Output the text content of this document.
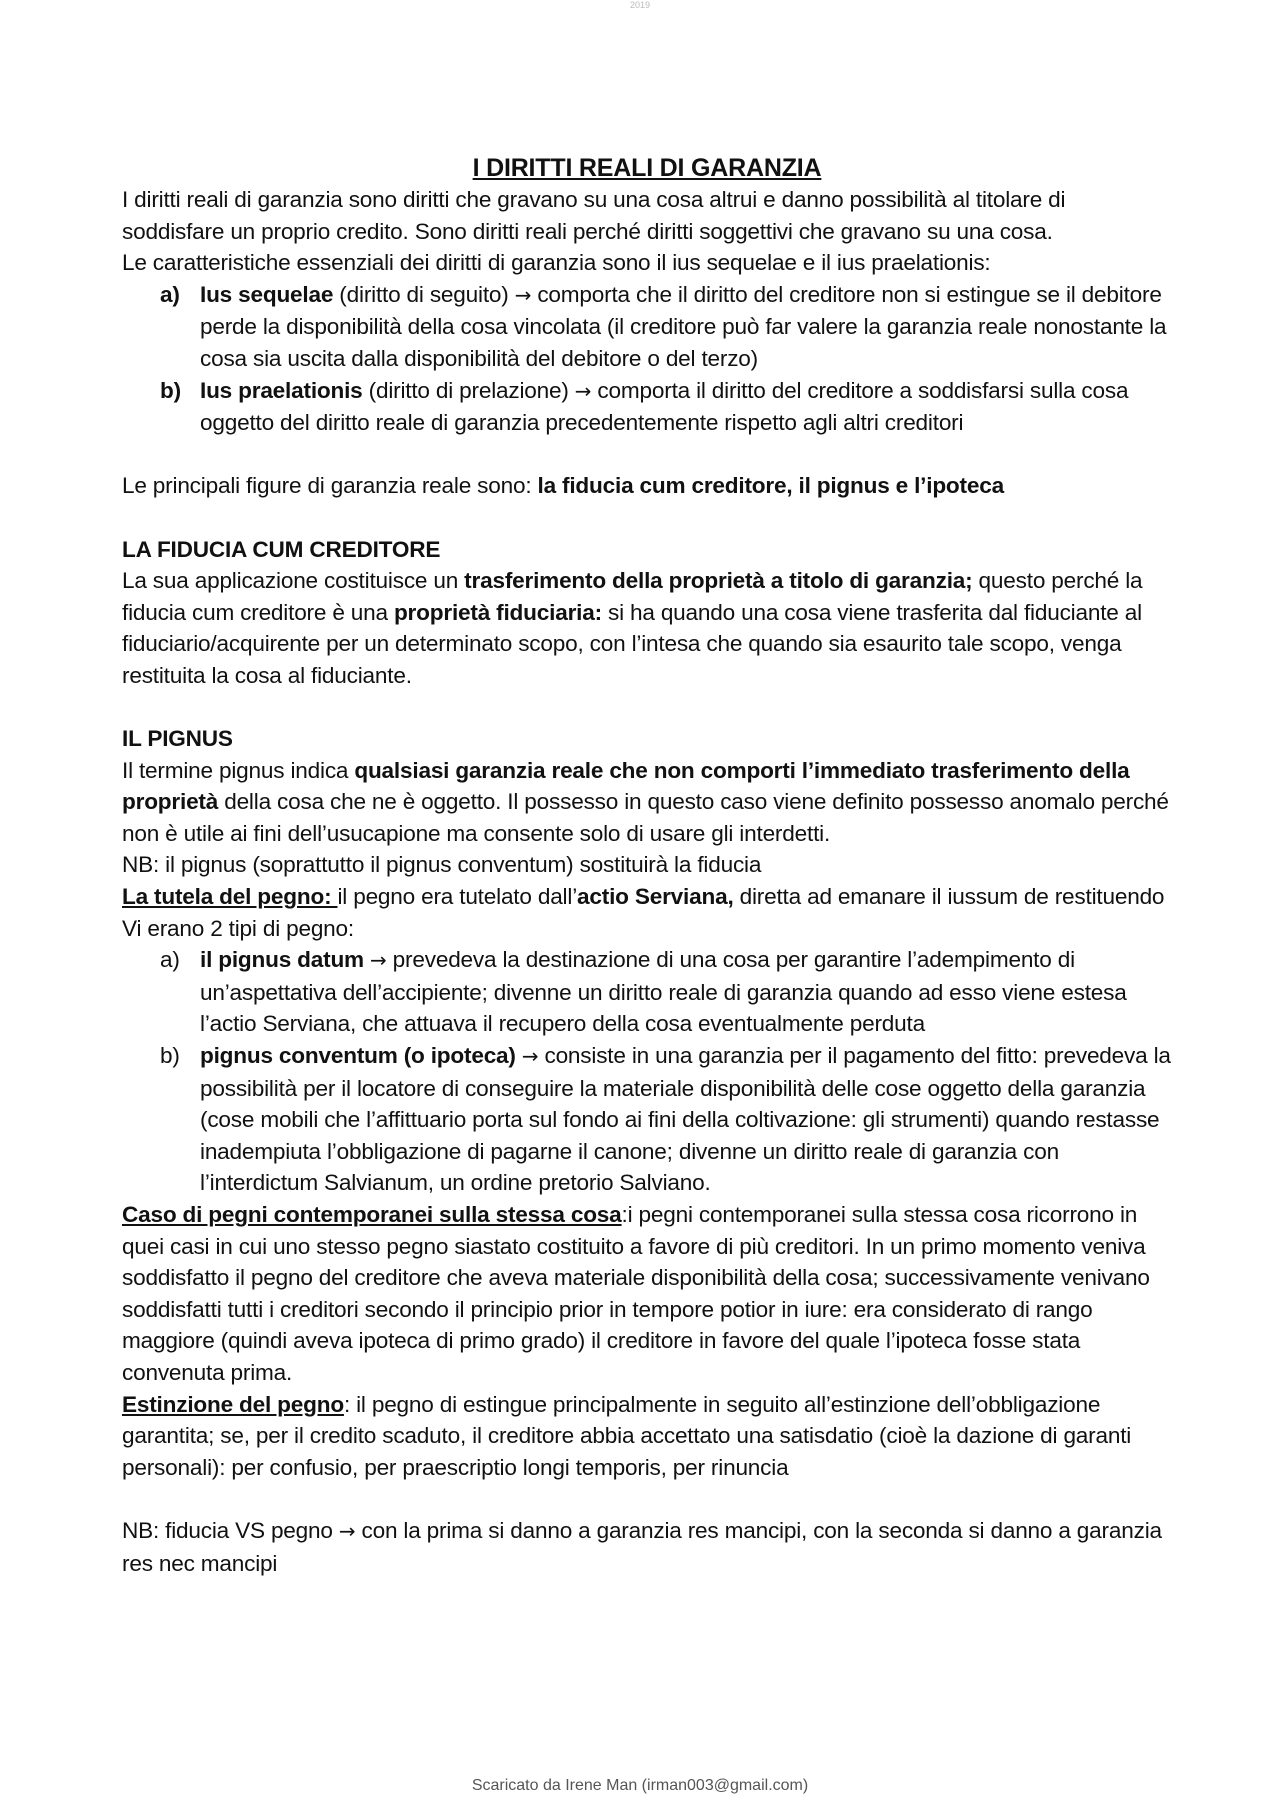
2019
I DIRITTI REALI DI GARANZIA

I diritti reali di garanzia sono diritti che gravano su una cosa altrui e danno possibilità al titolare di soddisfare un proprio credito. Sono diritti reali perché diritti soggettivi che gravano su una cosa.

Le caratteristiche essenziali dei diritti di garanzia sono il ius sequelae e il ius praelationis:

a) Ius sequelae (diritto di seguito) → comporta che il diritto del creditore non si estingue se il debitore perde la disponibilità della cosa vincolata (il creditore può far valere la garanzia reale nonostante la cosa sia uscita dalla disponibilità del debitore o del terzo)
b) Ius praelationis (diritto di prelazione) → comporta il diritto del creditore a soddisfarsi sulla cosa oggetto del diritto reale di garanzia precedentemente rispetto agli altri creditori

Le principali figure di garanzia reale sono: la fiducia cum creditore, il pignus e l’ipoteca

LA FIDUCIA CUM CREDITORE

La sua applicazione costituisce un trasferimento della proprietà a titolo di garanzia; questo perché la fiducia cum creditore è una proprietà fiduciaria: si ha quando una cosa viene trasferita dal fiduciante al fiduciario/acquirente per un determinato scopo, con l’intesa che quando sia esaurito tale scopo, venga restituita la cosa al fiduciante.

IL PIGNUS

Il termine pignus indica qualsiasi garanzia reale che non comporti l’immediato trasferimento della proprietà della cosa che ne è oggetto. Il possesso in questo caso viene definito possesso anomalo perché non è utile ai fini dell’usucapione ma consente solo di usare gli interdetti.

NB: il pignus (soprattutto il pignus conventum) sostituirà la fiducia

La tutela del pegno: il pegno era tutelato dall’actio Serviana, diretta ad emanare il iussum de restituendo

Vi erano 2 tipi di pegno:

a) il pignus datum → prevedeva la destinazione di una cosa per garantire l’adempimento di un’aspettativa dell’accipiente; divenne un diritto reale di garanzia quando ad esso viene estesa l’actio Serviana, che attuava il recupero della cosa eventualmente perduta
b) pignus conventum (o ipoteca) → consiste in una garanzia per il pagamento del fitto: prevedeva la possibilità per il locatore di conseguire la materiale disponibilità delle cose oggetto della garanzia (cose mobili che l’affittuario porta sul fondo ai fini della coltivazione: gli strumenti) quando restasse inadempiuta l’obbligazione di pagarne il canone; divenne un diritto reale di garanzia con l’interdictum Salvianum, un ordine pretorio Salviano.

Caso di pegni contemporanei sulla stessa cosa:i pegni contemporanei sulla stessa cosa ricorrono in quei casi in cui uno stesso pegno siastato costituito a favore di più creditori. In un primo momento veniva soddisfatto il pegno del creditore che aveva materiale disponibilità della cosa; successivamente venivano soddisfatti tutti i creditori secondo il principio prior in tempore potior in iure: era considerato di rango maggiore (quindi aveva ipoteca di primo grado) il creditore in favore del quale l’ipoteca fosse stata convenuta prima.

Estinzione del pegno: il pegno di estingue principalmente in seguito all’estinzione dell’obbligazione garantita; se, per il credito scaduto, il creditore abbia accettato una satisdatio (cioè la dazione di garanti personali): per confusio, per praescriptio longi temporis, per rinuncia

NB: fiducia VS pegno → con la prima si danno a garanzia res mancipi, con la seconda si danno a garanzia res nec mancipi

Scaricato da Irene Man (irman003@gmail.com)
